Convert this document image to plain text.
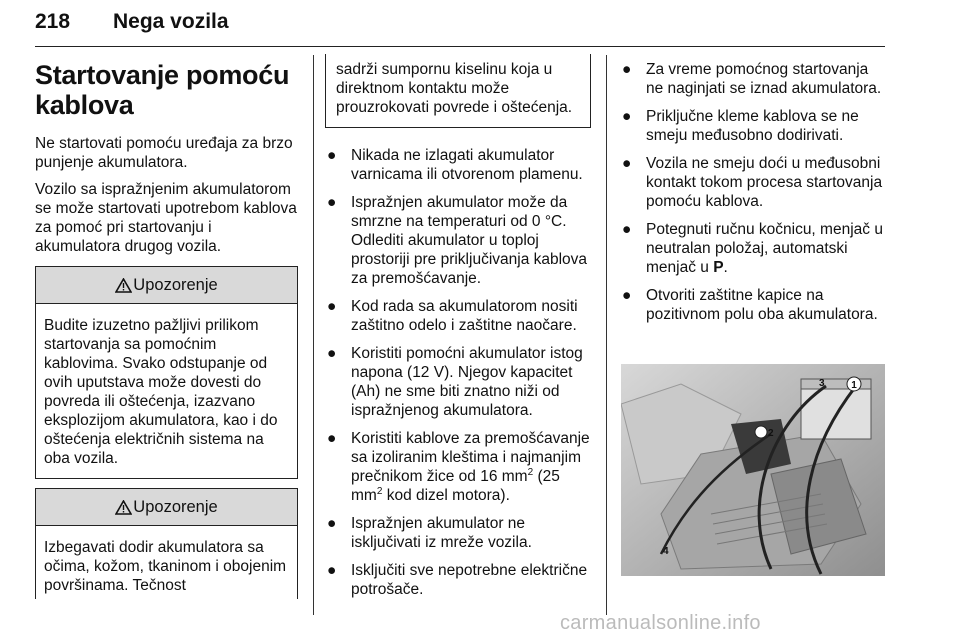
218 Nega vozila
Startovanje pomoću kablova

Ne startovati pomoću uređaja za brzo punjenje akumulatora.

Vozilo sa ispražnjenim akumulatorom se može startovati upotrebom kablova za pomoć pri startovanju i akumulatora drugog vozila.

Upozorenje
Budite izuzetno pažljivi prilikom startovanja sa pomoćnim kablovima. Svako odstupanje od ovih uputstava može dovesti do povreda ili oštećenja, izazvano eksplozijom akumulatora, kao i do oštećenja električnih sistema na oba vozila.
Upozorenje
Izbegavati dodir akumulatora sa očima, kožom, tkaninom i obojenim površinama. Tečnost
sadrži sumpornu kiselinu koja u direktnom kontaktu može prouzrokovati povrede i oštećenja.
● Nikada ne izlagati akumulator varnicama ili otvorenom plamenu.
● Ispražnjen akumulator može da smrzne na temperaturi od 0 °C. Odlediti akumulator u toploj prostoriji pre priključivanja kablova za premošćavanje.
● Kod rada sa akumulatorom nositi zaštitno odelo i zaštitne naočare.
● Koristiti pomoćni akumulator istog napona (12 V). Njegov kapacitet (Ah) ne sme biti znatno niži od ispražnjenog akumulatora.
● Koristiti kablove za premošćavanje sa izoliranim kleštima i najmanjim prečnikom žice od 16 $mm^2$ (25 $mm^2$ kod dizel motora).
● Ispražnjen akumulator ne isključivati iz mreže vozila.
● Isključiti sve nepotrebne električne potrošače.
● Za vreme pomoćnog startovanja ne naginjati se iznad akumulatora.
● Priključne kleme kablova se ne smeju međusobno dodirivati.
● Vozila ne smeju doći u međusobni kontakt tokom procesa startovanja pomoću kablova.
● Potegnuti ručnu kočnicu, menjač u neutralan položaj, automatski menjač u P.
● Otvoriti zaštitne kapice na pozitivnom polu oba akumulatora.
1
3
2
4
carmanualsonline.info
